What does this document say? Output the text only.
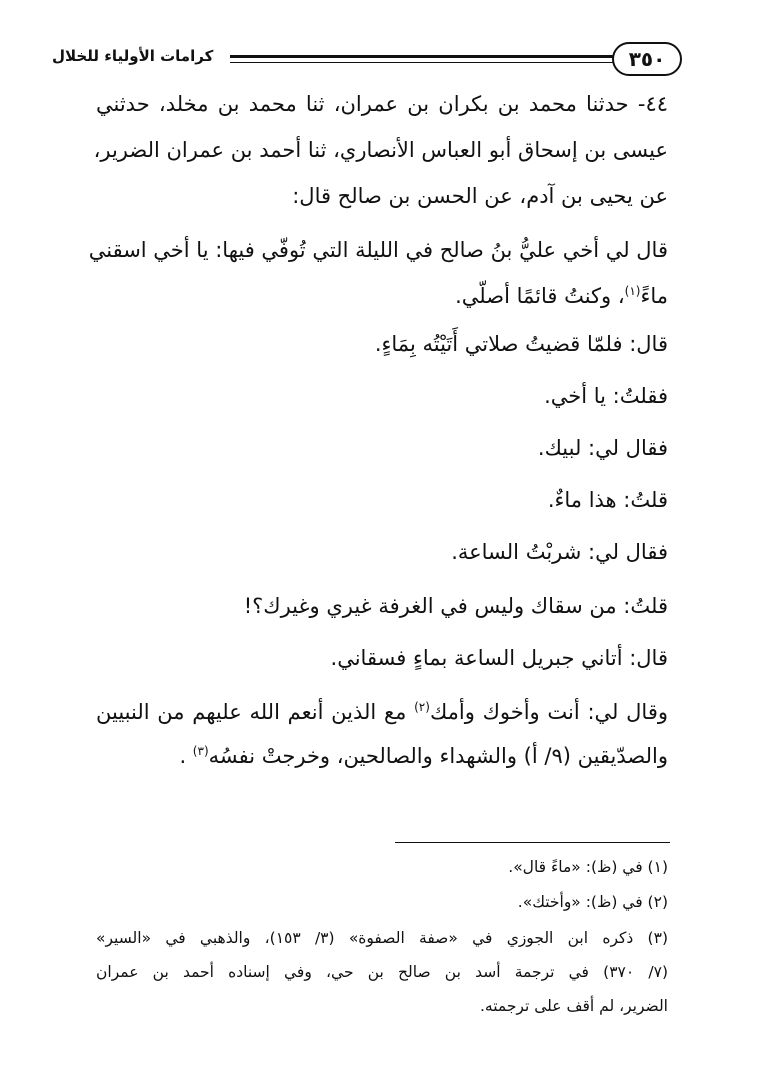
٣٥٠
كرامات الأولياء للخلال
٤٤- حدثنا محمد بن بكران بن عمران، ثنا محمد بن مخلد، حدثني
عيسى بن إسحاق أبو العباس الأنصاري، ثنا أحمد بن عمران الضرير،
عن يحيى بن آدم، عن الحسن بن صالح قال:
قال لي أخي عليُّ بنُ صالح في الليلة التي تُوفّي فيها: يا أخي اسقني
ماءً$^{(١)}$، وكنتُ قائمًا أصلّي.
قال: فلمّا قضيتُ صلاتي أَتَيْتُه بِمَاءٍ.
فقلتُ: يا أخي.
فقال لي: لبيك.
قلتُ: هذا ماءٌ.
فقال لي: شربْتُ الساعة.
قلتُ: من سقاك وليس في الغرفة غيري وغيرك؟!
قال: أتاني جبريل الساعة بماءٍ فسقاني.
وقال لي: أنت وأخوك وأمك$^{(٢)}$ مع الذين أنعم الله عليهم من النبيين
والصدّيقين (٩/ أ) والشهداء والصالحين، وخرجتْ نفسُه$^{(٣)}$ .
(١) في (ظ): «ماءً قال».
(٢) في (ظ): «وأختك».
(٣) ذكره ابن الجوزي في «صفة الصفوة» (٣/ ١٥٣)، والذهبي في «السير»
(٧/ ٣٧٠) في ترجمة أسد بن صالح بن حي، وفي إسناده أحمد بن عمران
الضرير، لم أقف على ترجمته.
